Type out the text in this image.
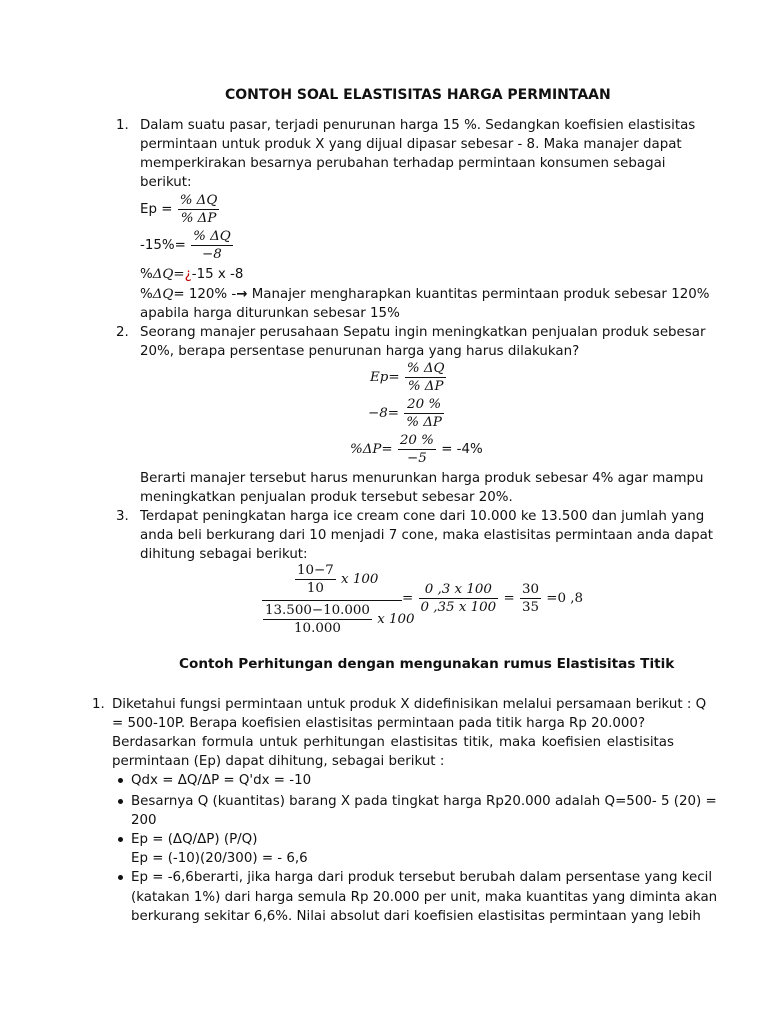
CONTOH SOAL ELASTISITAS HARGA PERMINTAAN
1. Dalam suatu pasar, terjadi penurunan harga 15 %. Sedangkan koefisien elastisitas
permintaan untuk produk X yang dijual dipasar sebesar - 8. Maka manajer dapat
memperkirakan besarnya perubahan terhadap permintaan konsumen sebagai
berikut:
$Ep = \frac{\% \Delta Q}{\% \Delta P}$
$-15\%= \frac{\% \Delta Q}{-8}$
%ΔQ=¿-15 x -8
%ΔQ= 120% -→ Manajer mengharapkan kuantitas permintaan produk sebesar 120%
apabila harga diturunkan sebesar 15%
2. Seorang manajer perusahaan Sepatu ingin meningkatkan penjualan produk sebesar
20%, berapa persentase penurunan harga yang harus dilakukan?
$Ep= \frac{\% \Delta Q}{\% \Delta P}$
$-8= \frac{20 \%}{\% \Delta P}$
$\%\Delta P= \frac{20 \%}{-5} = -4\%$
Berarti manajer tersebut harus menurunkan harga produk sebesar 4% agar mampu
meningkatkan penjualan produk tersebut sebesar 20%.
3. Terdapat peningkatan harga ice cream cone dari 10.000 ke 13.500 dan jumlah yang
anda beli berkurang dari 10 menjadi 7 cone, maka elastisitas permintaan anda dapat
dihitung sebagai berikut:
$\frac{10-7}{10}$ x 100
$\frac{13.500-10.000}{10.000}$ x 100
= $\frac{0 ,3 x 100}{0 ,35 x 100} = \frac{30}{35} =0$ ,8
Contoh Perhitungan dengan mengunakan rumus Elastisitas Titik
1. Diketahui fungsi permintaan untuk produk X didefinisikan melalui persamaan berikut : Q
= 500-10P. Berapa koefisien elastisitas permintaan pada titik harga Rp 20.000?
Berdasarkan formula untuk perhitungan elastisitas titik, maka koefisien elastisitas
permintaan (Ep) dapat dihitung, sebagai berikut :
Qdx = ΔQ/ΔP = Q'dx = -10
Besarnya Q (kuantitas) barang X pada tingkat harga Rp20.000 adalah Q=500- 5 (20) =
200
Ep = (ΔQ/ΔP) (P/Q)
Ep = (-10)(20/300) = - 6,6
Ep = -6,6berarti, jika harga dari produk tersebut berubah dalam persentase yang kecil
(katakan 1%) dari harga semula Rp 20.000 per unit, maka kuantitas yang diminta akan
berkurang sekitar 6,6%. Nilai absolut dari koefisien elastisitas permintaan yang lebih
